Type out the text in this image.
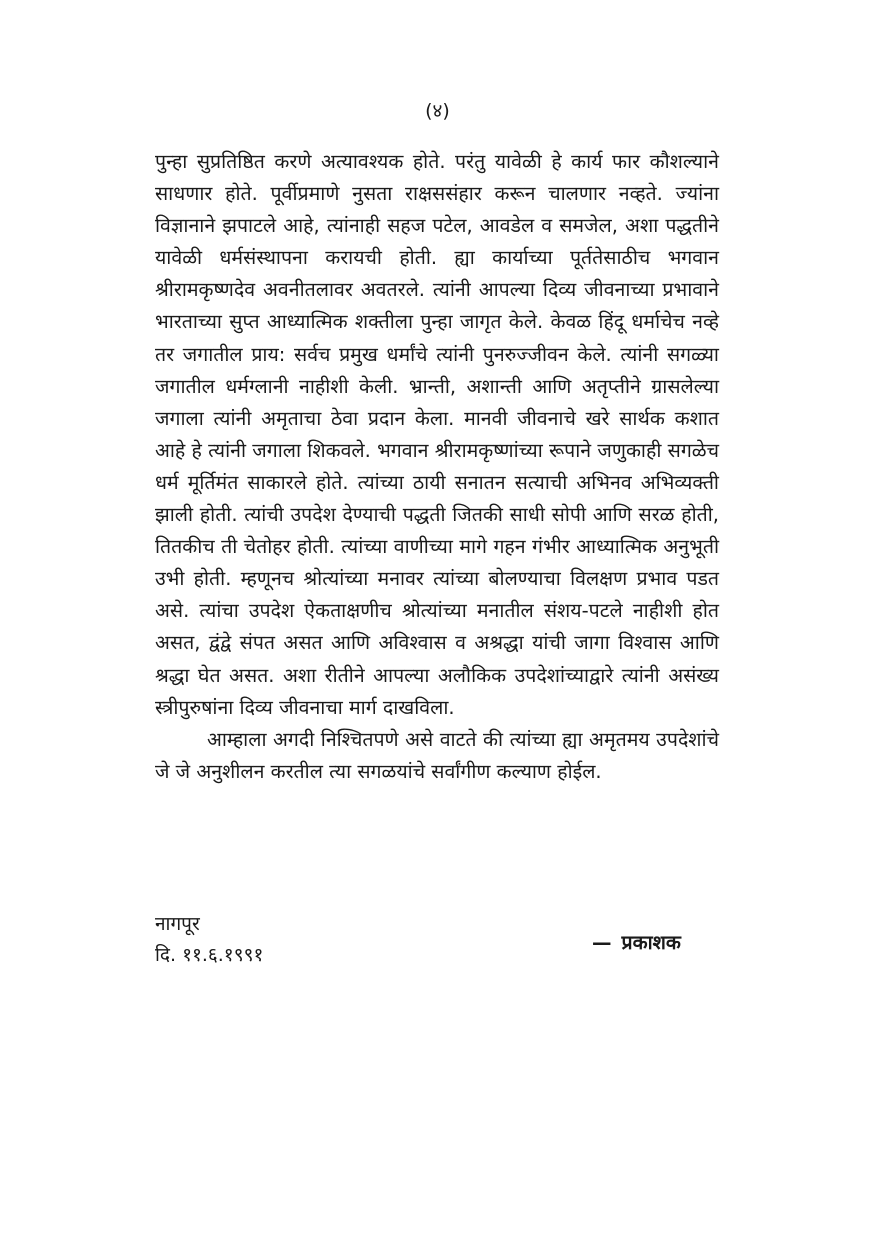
(४)

पुन्हा सुप्रतिष्ठित करणे अत्यावश्यक होते. परंतु यावेळी हे कार्य फार कौशल्याने साधणार होते. पूर्वीप्रमाणे नुसता राक्षससंहार करून चालणार नव्हते. ज्यांना विज्ञानाने झपाटले आहे, त्यांनाही सहज पटेल, आवडेल व समजेल, अशा पद्धतीने यावेळी धर्मसंस्थापना करायची होती. ह्या कार्याच्या पूर्ततेसाठीच भगवान श्रीरामकृष्णदेव अवनीतलावर अवतरले. त्यांनी आपल्या दिव्य जीवनाच्या प्रभावाने भारताच्या सुप्त आध्यात्मिक शक्तीला पुन्हा जागृत केले. केवळ हिंदू धर्माचेच नव्हे तर जगातील प्राय: सर्वच प्रमुख धर्मांचे त्यांनी पुनरुज्जीवन केले. त्यांनी सगळ्या जगातील धर्मग्लानी नाहीशी केली. भ्रान्ती, अशान्ती आणि अतृप्तीने ग्रासलेल्या जगाला त्यांनी अमृताचा ठेवा प्रदान केला. मानवी जीवनाचे खरे सार्थक कशात आहे हे त्यांनी जगाला शिकवले. भगवान श्रीरामकृष्णांच्या रूपाने जणुकाही सगळेच धर्म मूर्तिमंत साकारले होते. त्यांच्या ठायी सनातन सत्याची अभिनव अभिव्यक्ती झाली होती. त्यांची उपदेश देण्याची पद्धती जितकी साधी सोपी आणि सरळ होती, तितकीच ती चेतोहर होती. त्यांच्या वाणीच्या मागे गहन गंभीर आध्यात्मिक अनुभूती उभी होती. म्हणूनच श्रोत्यांच्या मनावर त्यांच्या बोलण्याचा विलक्षण प्रभाव पडत असे. त्यांचा उपदेश ऐकताक्षणीच श्रोत्यांच्या मनातील संशय-पटले नाहीशी होत असत, द्वंद्वे संपत असत आणि अविश्वास व अश्रद्धा यांची जागा विश्वास आणि श्रद्धा घेत असत. अशा रीतीने आपल्या अलौकिक उपदेशांच्याद्वारे त्यांनी असंख्य स्त्रीपुरुषांना दिव्य जीवनाचा मार्ग दाखविला.

आम्हाला अगदी निश्चितपणे असे वाटते की त्यांच्या ह्या अमृतमय उपदेशांचे जे जे अनुशीलन करतील त्या सगळयांचे सर्वांगीण कल्याण होईल.

नागपूर
दि. ११.६.१९९१
— प्रकाशक
